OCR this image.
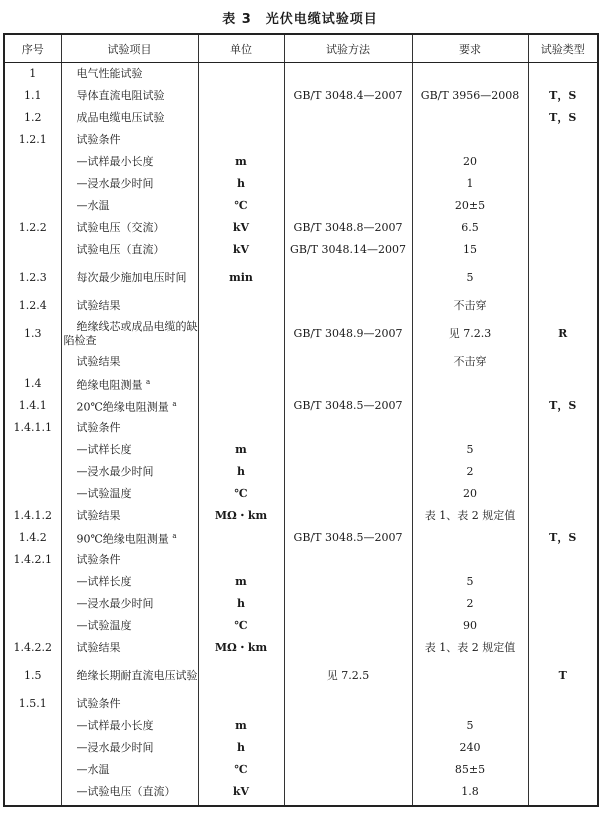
表 3 光伏电缆试验项目
序号	试验项目	单位	试验方法	要求	试验类型
1	电气性能试验				
1.1	导体直流电阻试验		GB/T 3048.4—2007	GB/T 3956—2008	T，S
1.2	成品电缆电压试验				T，S
1.2.1	试验条件				
	—试样最小长度	m		20	
	—浸水最少时间	h		1	
	—水温	℃		20±5	
1.2.2	试验电压（交流）	kV	GB/T 3048.8—2007	6.5	
	试验电压（直流）	kV	GB/T 3048.14—2007	15	
1.2.3	每次最少施加电压时间	min		5	
1.2.4	试验结果			不击穿	
1.3	绝缘线芯或成品电缆的缺陷检查		GB/T 3048.9—2007	见 7.2.3	R
	试验结果			不击穿	
1.4	绝缘电阻测量 $^a$				
1.4.1	20℃绝缘电阻测量 $^a$		GB/T 3048.5—2007		T，S
1.4.1.1	试验条件				
	—试样长度	m		5	
	—浸水最少时间	h		2	
	—试验温度	℃		20	
1.4.1.2	试验结果	MΩ・km		表 1、表 2 规定值	
1.4.2	90℃绝缘电阻测量 $^a$		GB/T 3048.5—2007		T，S
1.4.2.1	试验条件				
	—试样长度	m		5	
	—浸水最少时间	h		2	
	—试验温度	℃		90	
1.4.2.2	试验结果	MΩ・km		表 1、表 2 规定值	
1.5	绝缘长期耐直流电压试验		见 7.2.5		T
1.5.1	试验条件				
	—试样最小长度	m		5	
	—浸水最少时间	h		240	
	—水温	℃		85±5	
	—试验电压（直流）	kV		1.8	
